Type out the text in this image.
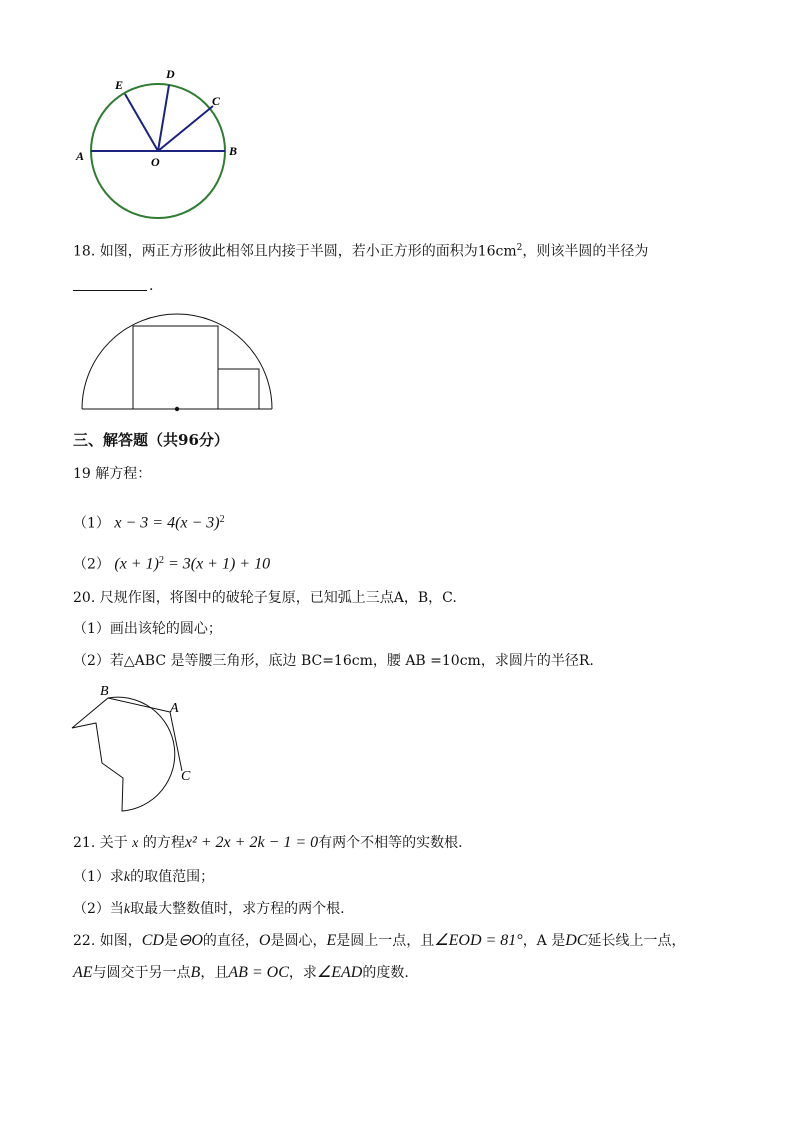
A	B
C
D
E
O
18. 如图，两正方形彼此相邻且内接于半圆，若小正方形的面积为$16cm^2$，则该半圆的半径为
.
三、解答题（共96分）
19 解方程：
（1） $x - 3 = 4(x - 3)^2$
（2） $(x + 1)^2 = 3(x + 1) + 10$
20. 尺规作图，将图中的破轮子复原，已知弧上三点A，B，C.
（1）画出该轮的圆心；
（2）若△ABC 是等腰三角形，底边 BC=16cm，腰 AB =10cm，求圆片的半径R.
B
A
C
21. 关于 x 的方程x² + 2x + 2k − 1 = 0有两个不相等的实数根.
（1）求k的取值范围；
（2）当k取最大整数值时，求方程的两个根.
22. 如图，CD是⊖O的直径，O是圆心，E是圆上一点，且∠EOD = 81°，A 是DC延长线上一点，
AE与圆交于另一点B，且AB = OC，求∠EAD的度数.
